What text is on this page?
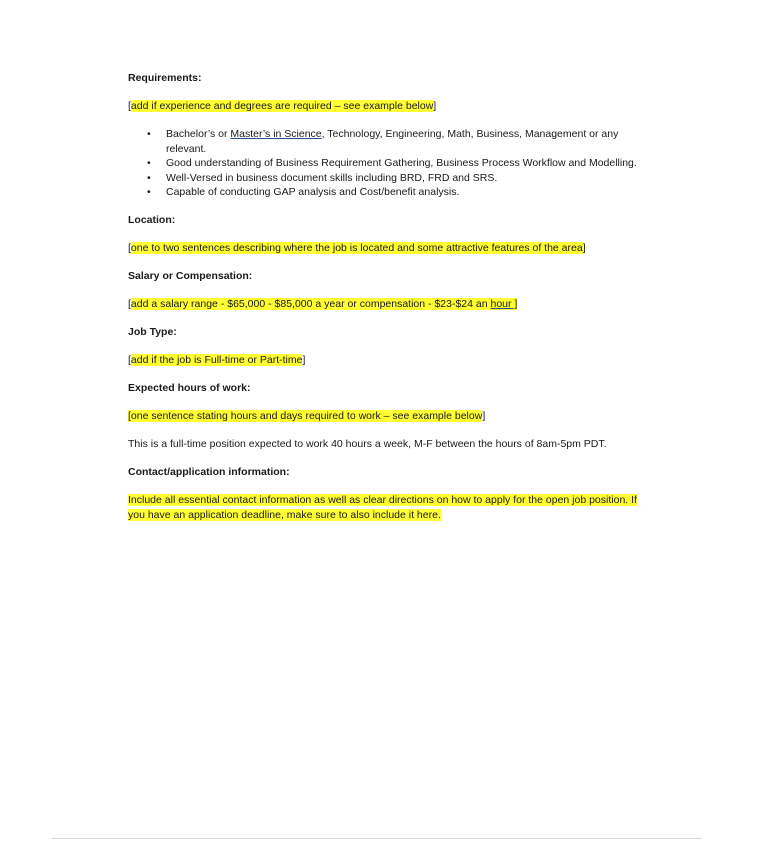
Requirements:

[add if experience and degrees are required – see example below]

• Bachelor’s or Master’s in Science, Technology, Engineering, Math, Business, Management or any relevant.
• Good understanding of Business Requirement Gathering, Business Process Workflow and Modelling.
• Well-Versed in business document skills including BRD, FRD and SRS.
• Capable of conducting GAP analysis and Cost/benefit analysis.

Location:

[one to two sentences describing where the job is located and some attractive features of the area]

Salary or Compensation:

[add a salary range - $65,000 - $85,000 a year or compensation - $23-$24 an hour ]

Job Type:

[add if the job is Full-time or Part-time]

Expected hours of work:

[one sentence stating hours and days required to work – see example below]

This is a full-time position expected to work 40 hours a week, M-F between the hours of 8am-5pm PDT.

Contact/application information:

Include all essential contact information as well as clear directions on how to apply for the open job position. If you have an application deadline, make sure to also include it here.
